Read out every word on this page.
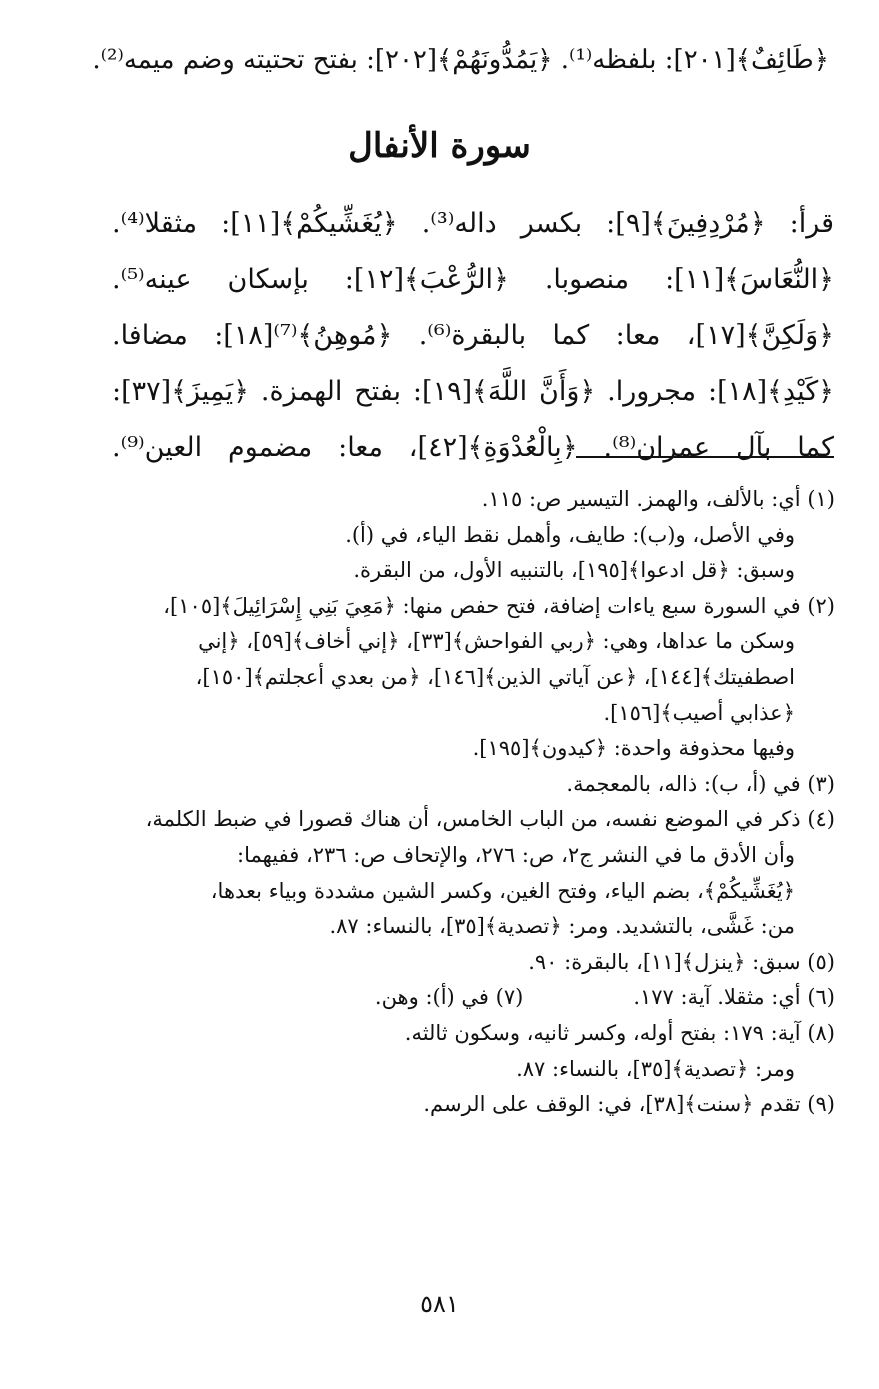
﴿طَائِفٌ﴾[٢٠١]: بلفظه⁽¹⁾. ﴿يَمُدُّونَهُمْ﴾[٢٠٢]: بفتح تحتيته وضم ميمه⁽²⁾.
سورة الأنفال
قرأ: ﴿مُرْدِفِينَ﴾[٩]: بكسر داله⁽³⁾. ﴿يُغَشِّيكُمْ﴾[١١]: مثقلا⁽⁴⁾.
﴿النُّعَاسَ﴾[١١]: منصوبا. ﴿الرُّعْبَ﴾[١٢]: بإسكان عينه⁽⁵⁾.
﴿وَلَكِنَّ﴾[١٧]، معا: كما بالبقرة⁽⁶⁾. ﴿مُوهِنُ﴾⁽⁷⁾[١٨]: مضافا.
﴿كَيْدِ﴾[١٨]: مجرورا. ﴿وَأَنَّ اللَّهَ﴾[١٩]: بفتح الهمزة. ﴿يَمِيزَ﴾[٣٧]:
كما بآل عمران⁽⁸⁾. ﴿بِالْعُدْوَةِ﴾[٤٢]، معا: مضموم العين⁽⁹⁾.
(١) أي: بالألف، والهمز. التيسير ص: ١١٥.
وفي الأصل، و(ب): طايف، وأهمل نقط الياء، في (أ).
وسبق: ﴿قل ادعوا﴾[١٩٥]، بالتنبيه الأول، من البقرة.
(٢) في السورة سبع ياءات إضافة، فتح حفص منها: ﴿مَعِيَ بَنِي إِسْرَائِيلَ﴾[١٠٥]،
وسكن ما عداها، وهي: ﴿ربي الفواحش﴾[٣٣]، ﴿إني أخاف﴾[٥٩]، ﴿إني
اصطفيتك﴾[١٤٤]، ﴿عن آياتي الذين﴾[١٤٦]، ﴿من بعدي أعجلتم﴾[١٥٠]،
﴿عذابي أصيب﴾[١٥٦].
وفيها محذوفة واحدة: ﴿كيدون﴾[١٩٥].
(٣) في (أ، ب): ذاله، بالمعجمة.
(٤) ذكر في الموضع نفسه، من الباب الخامس، أن هناك قصورا في ضبط الكلمة،
وأن الأدق ما في النشر ج٢، ص: ٢٧٦، والإتحاف ص: ٢٣٦، ففيهما:
﴿يُغَشِّيكُمْ﴾، بضم الياء، وفتح الغين، وكسر الشين مشددة وبياء بعدها،
من: غَشَّى، بالتشديد. ومر: ﴿تصدية﴾[٣٥]، بالنساء: ٨٧.
(٥) سبق: ﴿ينزل﴾[١١]، بالبقرة: ٩٠.
(٦) أي: مثقلا. آية: ١٧٧.
(٧) في (أ): وهن.
(٨) آية: ١٧٩: بفتح أوله، وكسر ثانيه، وسكون ثالثه.
ومر: ﴿تصدية﴾[٣٥]، بالنساء: ٨٧.
(٩) تقدم ﴿سنت﴾[٣٨]، في: الوقف على الرسم.
٥٨١
